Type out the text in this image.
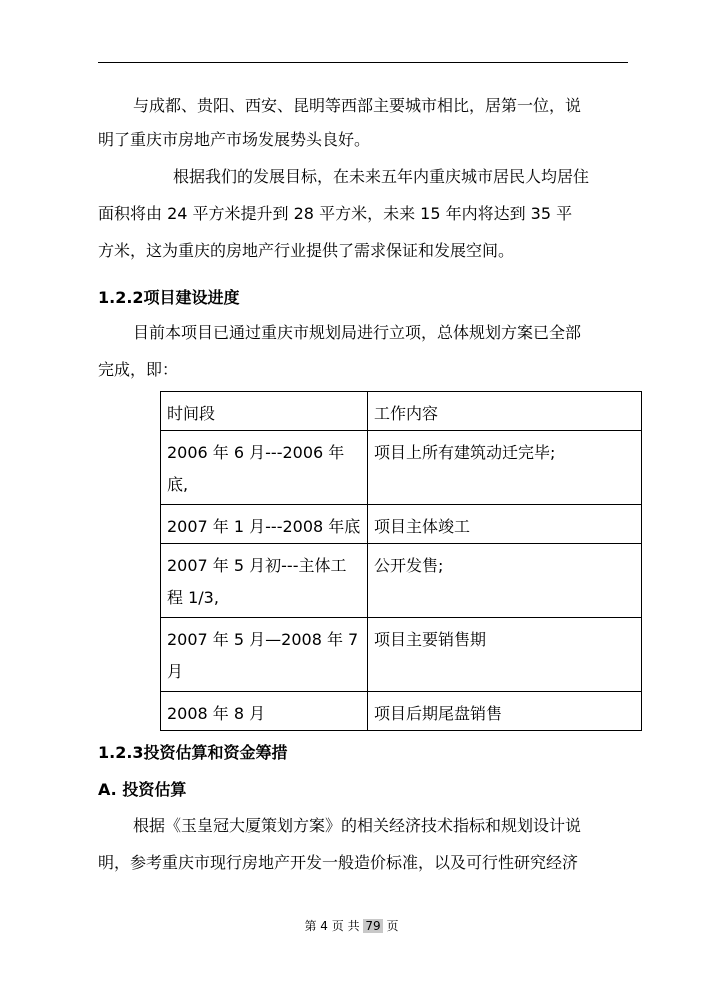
与成都、贵阳、西安、昆明等西部主要城市相比，居第一位，说
明了重庆市房地产市场发展势头良好。
根据我们的发展目标，在未来五年内重庆城市居民人均居住
面积将由 24 平方米提升到 28 平方米，未来 15 年内将达到 35 平
方米，这为重庆的房地产行业提供了需求保证和发展空间。
1.2.2项目建设进度
目前本项目已通过重庆市规划局进行立项，总体规划方案已全部
完成，即：
时间段	工作内容
2006 年 6 月---2006 年底,	项目上所有建筑动迁完毕;
2007 年 1 月---2008 年底	项目主体竣工
2007 年 5 月初---主体工程 1/3,	公开发售;
2007 年 5 月—2008 年 7 月	项目主要销售期
2008 年 8 月	项目后期尾盘销售
1.2.3投资估算和资金筹措
A. 投资估算
根据《玉皇冠大厦策划方案》的相关经济技术指标和规划设计说
明，参考重庆市现行房地产开发一般造价标准，以及可行性研究经济
第 4 页 共 79 页
